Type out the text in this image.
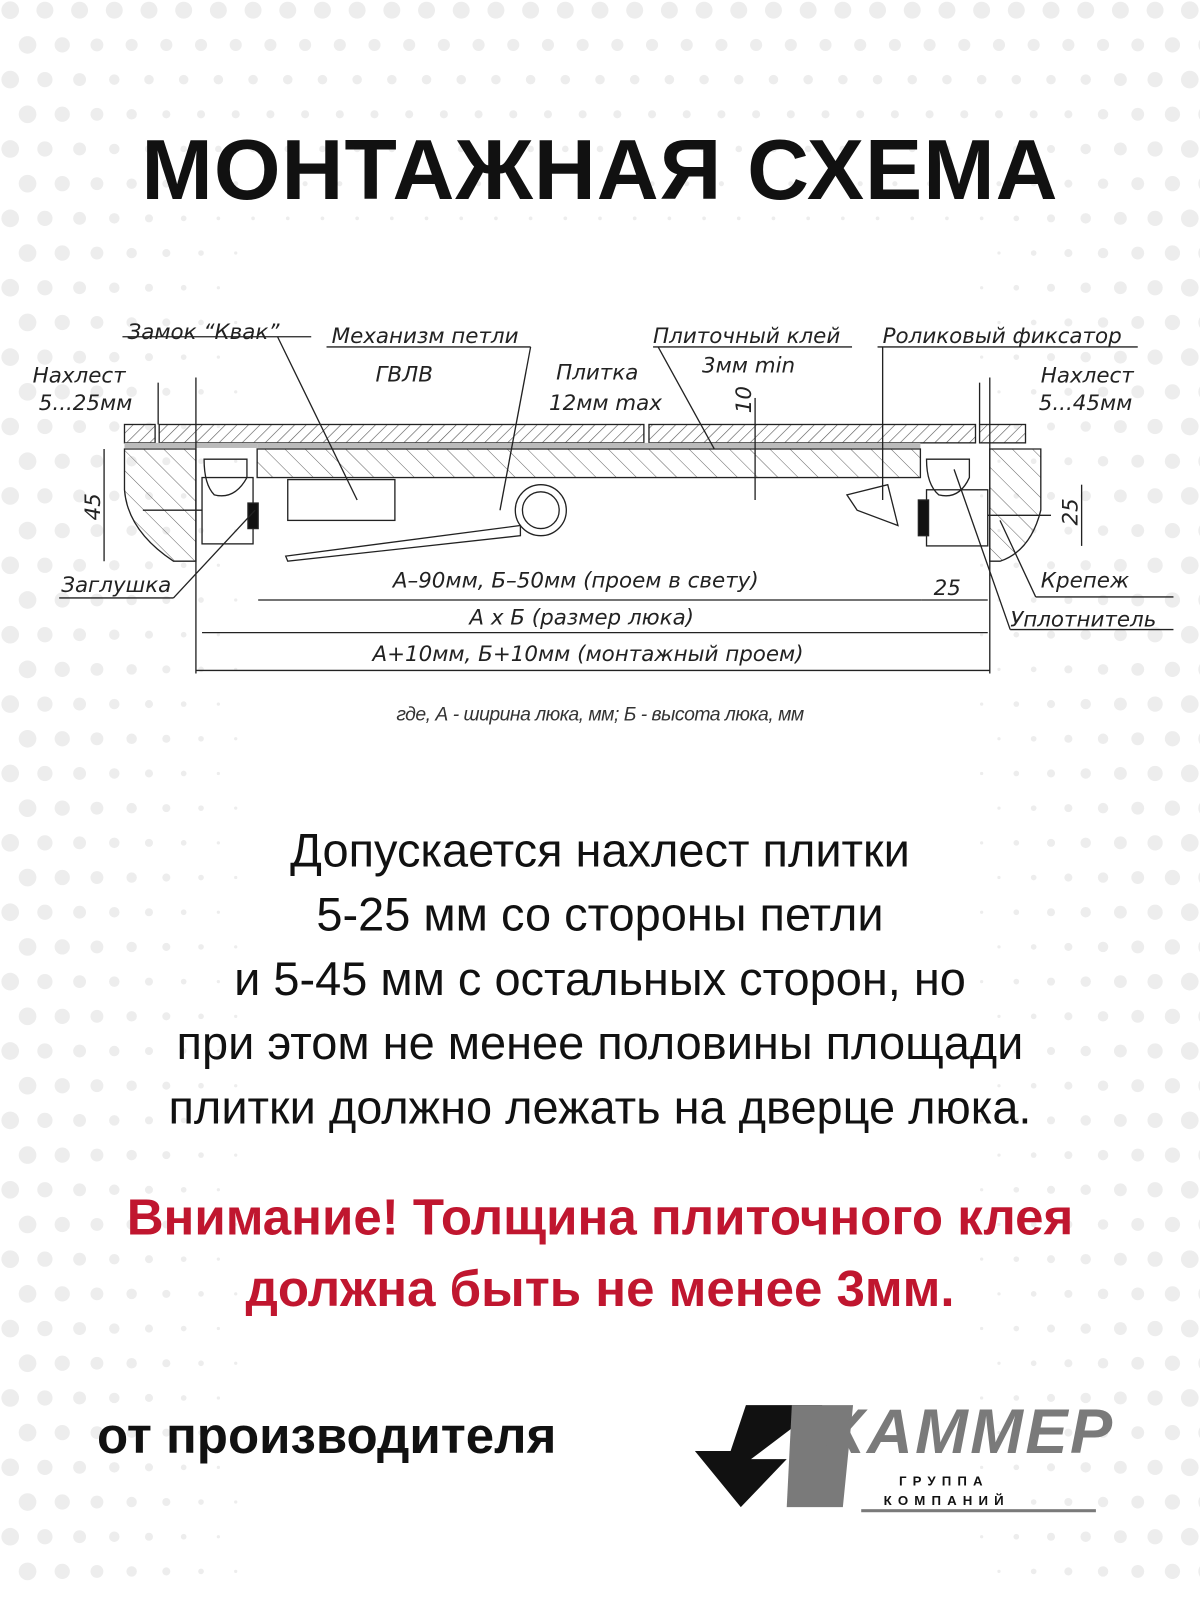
МОНТАЖНАЯ СХЕМА
Замок “Квак” Механизм петли
ГВЛВ	Плитка
12мм max
Плиточный клей
3мм min
Роликовый фиксатор
Нахлест
5...25мм
Нахлест
5...45мм
Заглушка	Крепеж
Уплотнитель
45	25
10
25
А–90мм, Б–50мм (проем в свету)
А х Б (размер люка)
А+10мм, Б+10мм (монтажный проем)
где, А - ширина люка, мм; Б - высота люка, мм
Допускается нахлест плитки
5-25 мм со стороны петли
и 5-45 мм с остальных сторон, но
при этом не менее половины площади
плитки должно лежать на дверце люка.
Внимание! Толщина плиточного клея
должна быть не менее 3мм.
от производителя	ХАММЕР
ГРУППА
КОМПАНИЙ
